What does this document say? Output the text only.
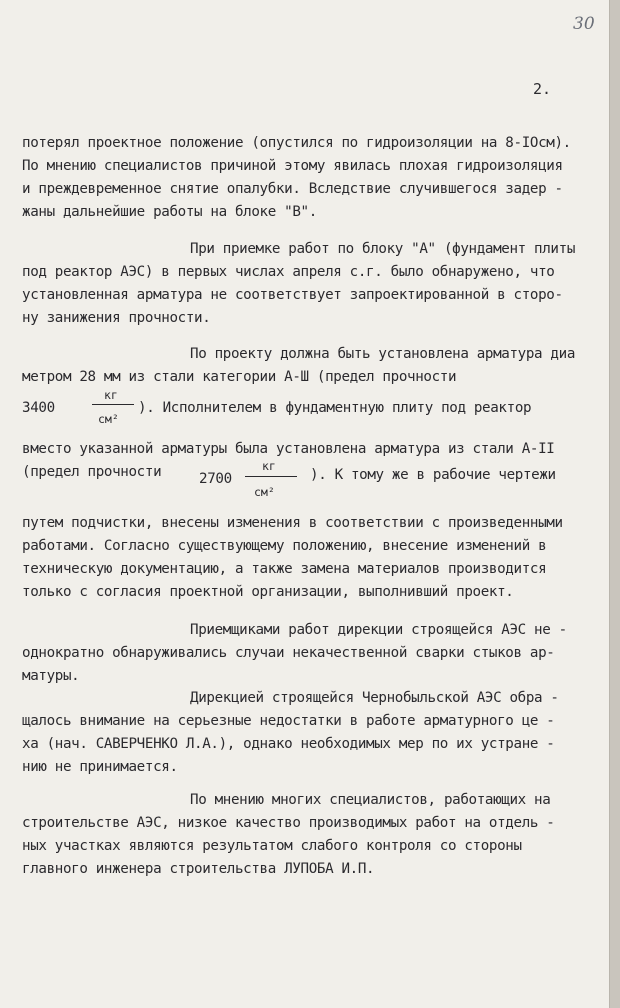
30
2.
потерял проектное положение (опустился по гидроизоляции на 8-IOсм).
По мнению специалистов причиной этому явилась плохая гидроизоляция
и преждевременное снятие опалубки. Вследствие случившегося задер -
жаны дальнейшие работы на блоке "В".
При приемке работ по блоку "А" (фундамент плиты
под реактор АЭС) в первых числах апреля с.г. было обнаружено, что
установленная арматура не соответствует запроектированной в сторо-
ну занижения прочности.
По проекту должна быть установлена арматура диа
метром 28 мм из стали категории А-Ш (предел прочности
3400
кг
см²
). Исполнителем в фундаментную плиту под реактор
вместо указанной арматуры была установлена арматура из стали А-II
(предел прочности	2700
кг
см²
). К тому же в рабочие чертежи
путем подчистки, внесены изменения в соответствии с произведенными
работами. Согласно существующему положению, внесение изменений в
техническую документацию, а также замена материалов производится
только с согласия проектной организации, выполнивший проект.
Приемщиками работ дирекции строящейся АЭС не -
однократно обнаруживались случаи некачественной сварки стыков ар-
матуры.
Дирекцией строящейся Чернобыльской АЭС обра -
щалось внимание на серьезные недостатки в работе арматурного це -
ха (нач. САВЕРЧЕНКО Л.А.), однако необходимых мер по их устране -
нию не принимается.
По мнению многих специалистов, работающих на
строительстве АЭС, низкое качество производимых работ на отдель -
ных участках являются результатом слабого контроля со стороны
главного инженера строительства ЛУПОБА И.П.
